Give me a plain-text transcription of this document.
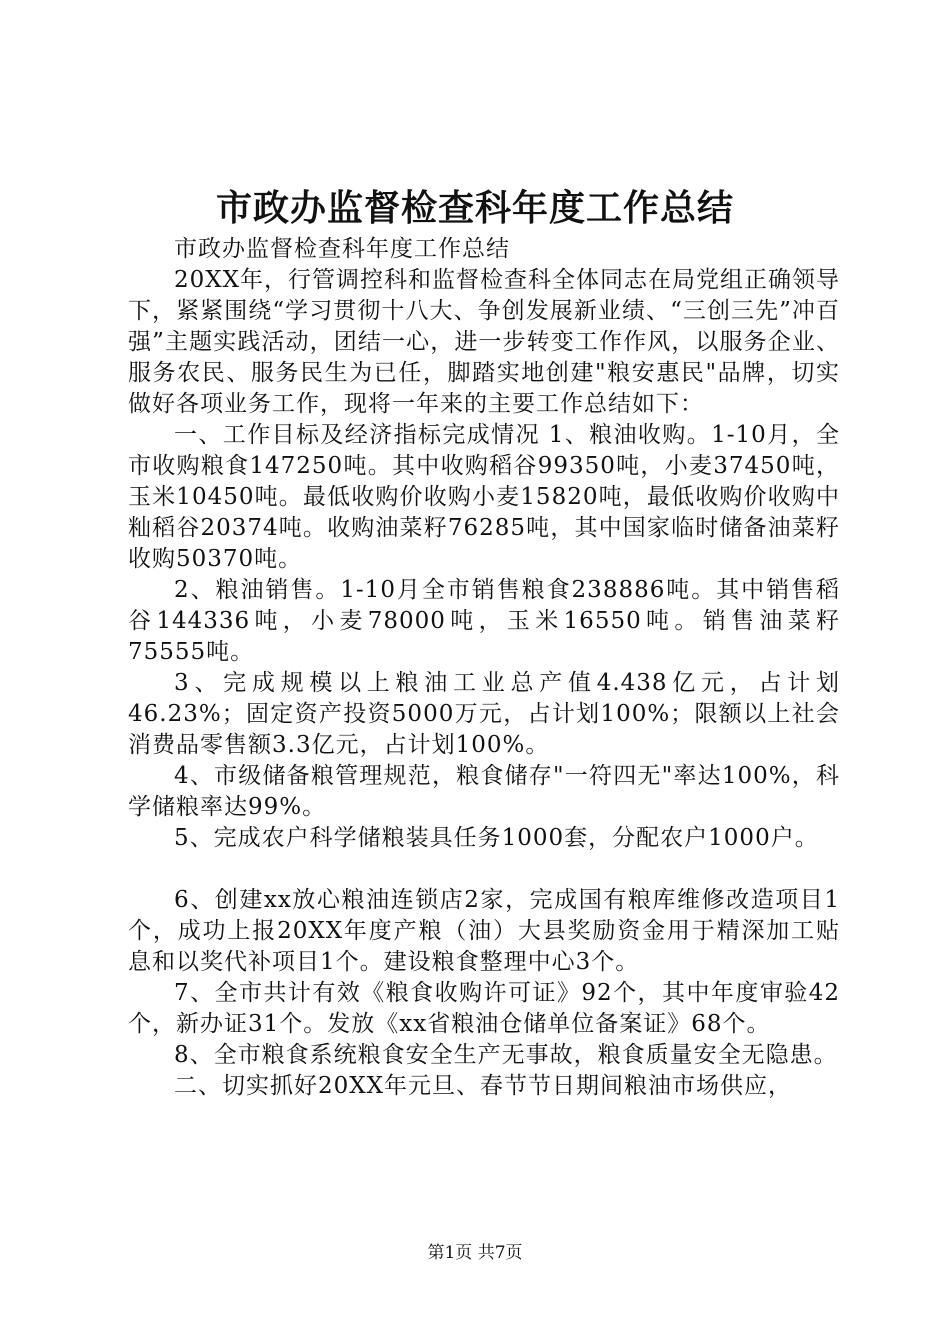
市政办监督检查科年度工作总结

市政办监督检查科年度工作总结

20XX年，行管调控科和监督检查科全体同志在局党组正确领导下，紧紧围绕“学习贯彻十八大、争创发展新业绩、“三创三先”冲百强”主题实践活动，团结一心，进一步转变工作作风，以服务企业、服务农民、服务民生为已任，脚踏实地创建"粮安惠民"品牌，切实做好各项业务工作，现将一年来的主要工作总结如下：

一、工作目标及经济指标完成情况 1、粮油收购。1-10月，全市收购粮食147250吨。其中收购稻谷99350吨，小麦37450吨，玉米10450吨。最低收购价收购小麦15820吨，最低收购价收购中籼稻谷20374吨。收购油菜籽76285吨，其中国家临时储备油菜籽收购50370吨。

2、粮油销售。1-10月全市销售粮食238886吨。其中销售稻谷144336吨，小麦78000吨，玉米16550吨。销售油菜籽75555吨。

3、完成规模以上粮油工业总产值4.438亿元，占计划46.23%；固定资产投资5000万元，占计划100%；限额以上社会消费品零售额3.3亿元，占计划100%。

4、市级储备粮管理规范，粮食储存"一符四无"率达100%，科学储粮率达99%。

5、完成农户科学储粮装具任务1000套，分配农户1000户。

6、创建xx放心粮油连锁店2家，完成国有粮库维修改造项目1个，成功上报20XX年度产粮（油）大县奖励资金用于精深加工贴息和以奖代补项目1个。建设粮食整理中心3个。

7、全市共计有效《粮食收购许可证》92个，其中年度审验42个，新办证31个。发放《xx省粮油仓储单位备案证》68个。

8、全市粮食系统粮食安全生产无事故，粮食质量安全无隐患。

二、切实抓好20XX年元旦、春节节日期间粮油市场供应，

第1页 共7页
